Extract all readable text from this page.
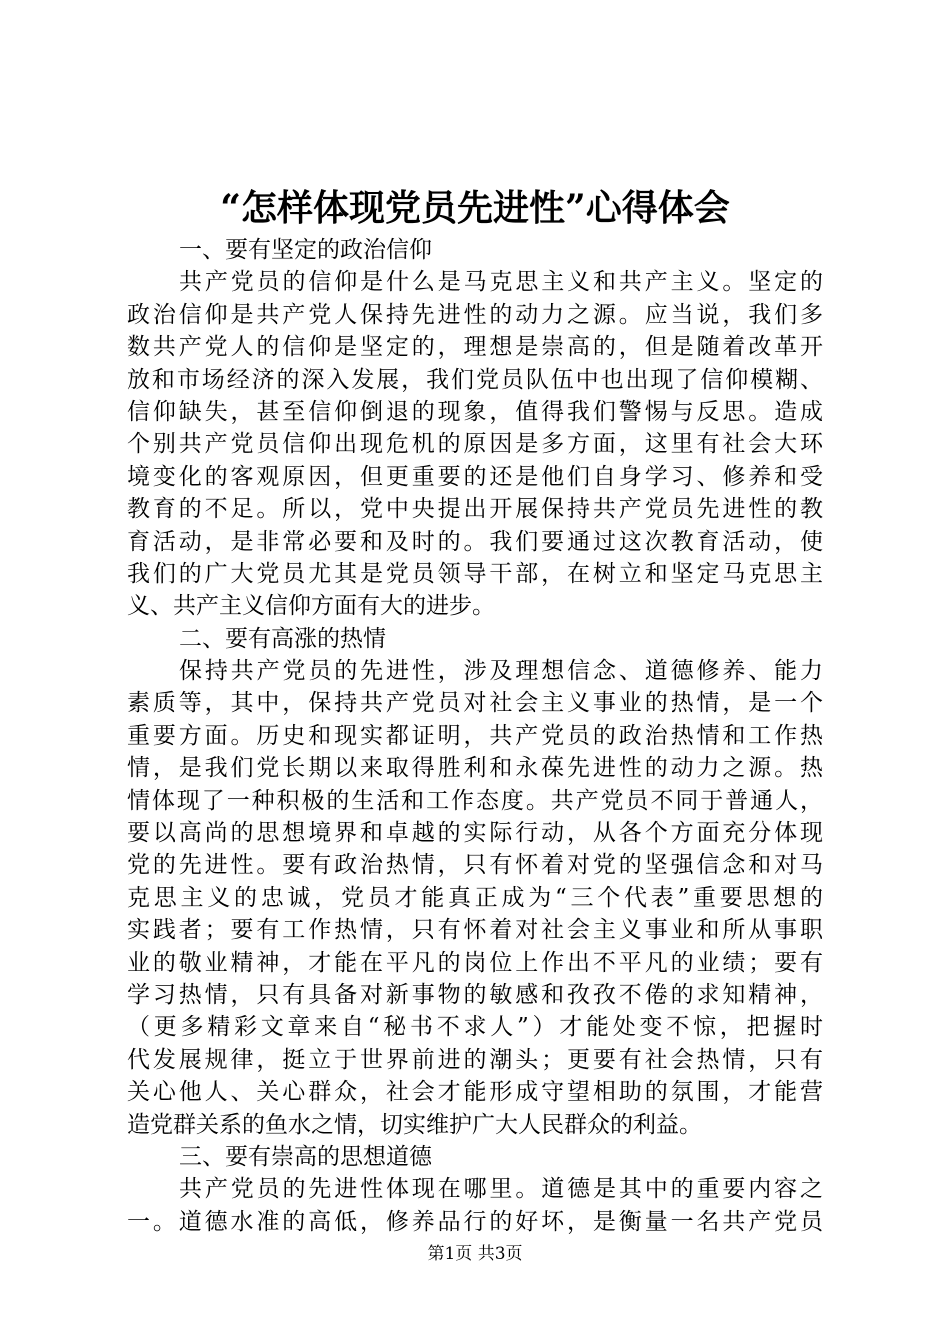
“怎样体现党员先进性”心得体会
一、要有坚定的政治信仰
共产党员的信仰是什么是马克思主义和共产主义。坚定的
政治信仰是共产党人保持先进性的动力之源。应当说，我们多
数共产党人的信仰是坚定的，理想是崇高的，但是随着改革开
放和市场经济的深入发展，我们党员队伍中也出现了信仰模糊、
信仰缺失，甚至信仰倒退的现象，值得我们警惕与反思。造成
个别共产党员信仰出现危机的原因是多方面，这里有社会大环
境变化的客观原因，但更重要的还是他们自身学习、修养和受
教育的不足。所以，党中央提出开展保持共产党员先进性的教
育活动，是非常必要和及时的。我们要通过这次教育活动，使
我们的广大党员尤其是党员领导干部，在树立和坚定马克思主
义、共产主义信仰方面有大的进步。
二、要有高涨的热情
保持共产党员的先进性，涉及理想信念、道德修养、能力
素质等，其中，保持共产党员对社会主义事业的热情，是一个
重要方面。历史和现实都证明，共产党员的政治热情和工作热
情，是我们党长期以来取得胜利和永葆先进性的动力之源。热
情体现了一种积极的生活和工作态度。共产党员不同于普通人，
要以高尚的思想境界和卓越的实际行动，从各个方面充分体现
党的先进性。要有政治热情，只有怀着对党的坚强信念和对马
克思主义的忠诚，党员才能真正成为“三个代表”重要思想的
实践者；要有工作热情，只有怀着对社会主义事业和所从事职
业的敬业精神，才能在平凡的岗位上作出不平凡的业绩；要有
学习热情，只有具备对新事物的敏感和孜孜不倦的求知精神，
（更多精彩文章来自“秘书不求人”）才能处变不惊，把握时
代发展规律，挺立于世界前进的潮头；更要有社会热情，只有
关心他人、关心群众，社会才能形成守望相助的氛围，才能营
造党群关系的鱼水之情，切实维护广大人民群众的利益。
三、要有崇高的思想道德
共产党员的先进性体现在哪里。道德是其中的重要内容之
一。道德水准的高低，修养品行的好坏，是衡量一名共产党员
第1页 共3页
